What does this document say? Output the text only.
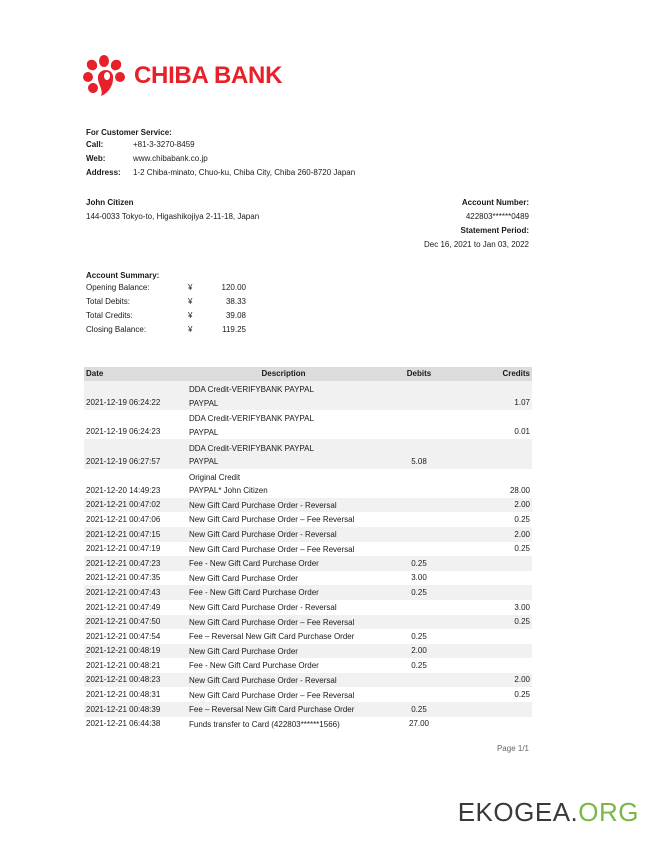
CHIBA BANK
For Customer Service:
Call:	+81-3-3270-8459
Web:	www.chibabank.co.jp
Address: 1-2 Chiba-minato, Chuo-ku, Chiba City, Chiba 260-8720 Japan
John Citizen
144-0033 Tokyo-to, Higashikojiya 2-11-18, Japan
Account Number:
422803******0489
Statement Period:
Dec 16, 2021 to Jan 03, 2022
Account Summary:
Opening Balance:	¥	120.00
Total Debits:	¥	38.33
Total Credits:	¥	39.08
Closing Balance:	¥	119.25
Date	Description	Debits	Credits
2021-12-19 06:24:22	DDA Credit-VERIFYBANK PAYPAL
PAYPAL		1.07
2021-12-19 06:24:23	DDA Credit-VERIFYBANK PAYPAL
PAYPAL		0.01
2021-12-19 06:27:57	DDA Credit-VERIFYBANK PAYPAL
PAYPAL	5.08	
2021-12-20 14:49:23	Original Credit
PAYPAL* John Citizen		28.00
2021-12-21 00:47:02	New Gift Card Purchase Order - Reversal		2.00
2021-12-21 00:47:06	New Gift Card Purchase Order – Fee Reversal		0.25
2021-12-21 00:47:15	New Gift Card Purchase Order - Reversal		2.00
2021-12-21 00:47:19	New Gift Card Purchase Order – Fee Reversal		0.25
2021-12-21 00:47:23	Fee - New Gift Card Purchase Order	0.25	
2021-12-21 00:47:35	New Gift Card Purchase Order	3.00	
2021-12-21 00:47:43	Fee - New Gift Card Purchase Order	0.25	
2021-12-21 00:47:49	New Gift Card Purchase Order - Reversal		3.00
2021-12-21 00:47:50	New Gift Card Purchase Order – Fee Reversal		0.25
2021-12-21 00:47:54	Fee – Reversal New Gift Card Purchase Order	0.25	
2021-12-21 00:48:19	New Gift Card Purchase Order	2.00	
2021-12-21 00:48:21	Fee - New Gift Card Purchase Order	0.25	
2021-12-21 00:48:23	New Gift Card Purchase Order - Reversal		2.00
2021-12-21 00:48:31	New Gift Card Purchase Order – Fee Reversal		0.25
2021-12-21 00:48:39	Fee – Reversal New Gift Card Purchase Order	0.25	
2021-12-21 06:44:38	Funds transfer to Card (422803******1566)	27.00	
Page 1/1
EKOGEA.ORG
